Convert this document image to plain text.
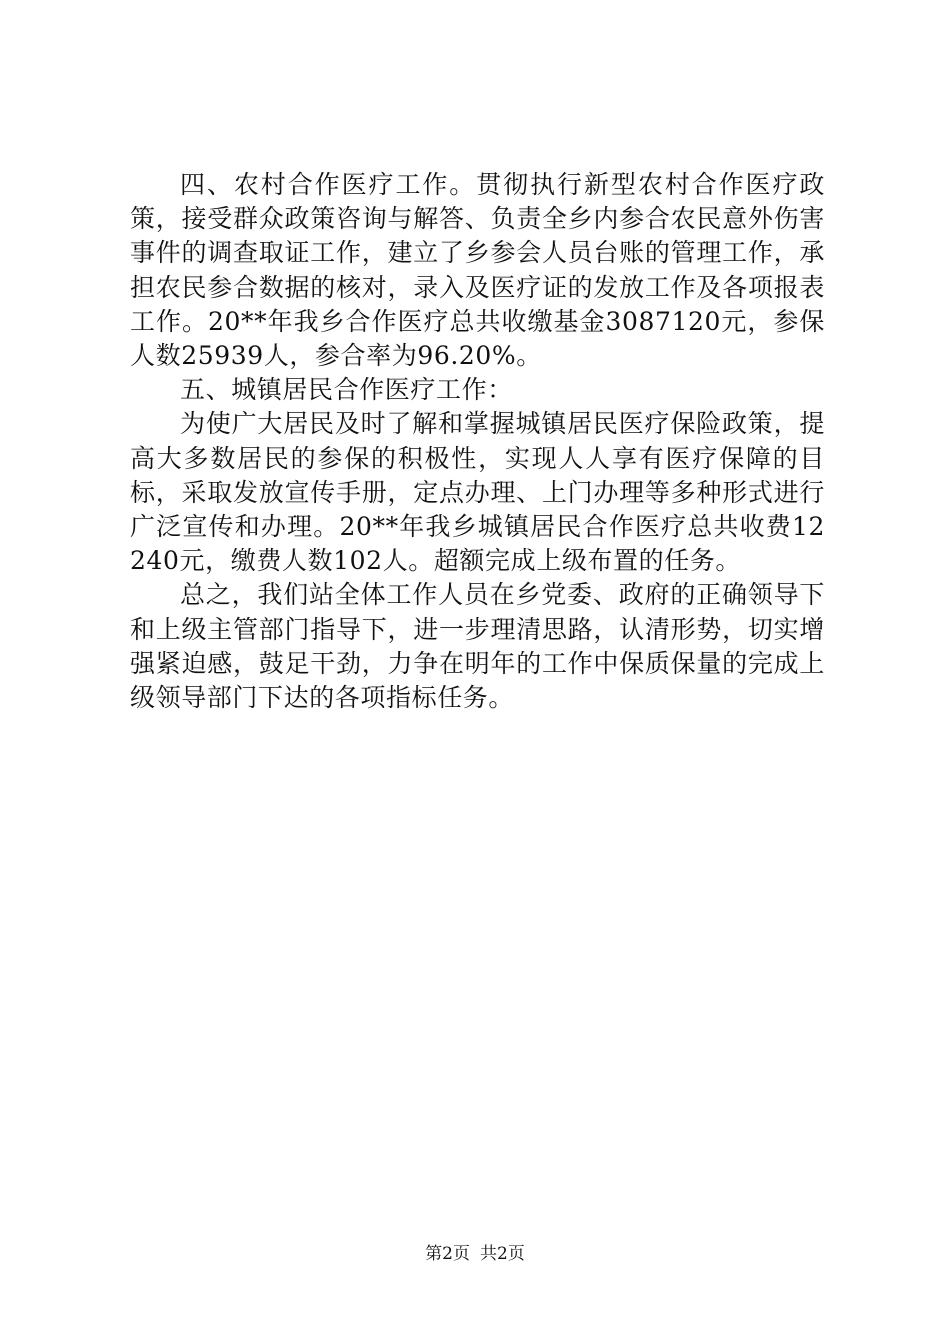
四、农村合作医疗工作。贯彻执行新型农村合作医疗政策，接受群众政策咨询与解答、负责全乡内参合农民意外伤害事件的调查取证工作，建立了乡参会人员台账的管理工作，承担农民参合数据的核对，录入及医疗证的发放工作及各项报表工作。20**年我乡合作医疗总共收缴基金3087120元，参保人数25939人，参合率为96.20%。

五、城镇居民合作医疗工作：

为使广大居民及时了解和掌握城镇居民医疗保险政策，提高大多数居民的参保的积极性，实现人人享有医疗保障的目标，采取发放宣传手册，定点办理、上门办理等多种形式进行广泛宣传和办理。20**年我乡城镇居民合作医疗总共收费12240元，缴费人数102人。超额完成上级布置的任务。

总之，我们站全体工作人员在乡党委、政府的正确领导下和上级主管部门指导下，进一步理清思路，认清形势，切实增强紧迫感，鼓足干劲，力争在明年的工作中保质保量的完成上级领导部门下达的各项指标任务。

第2页 共2页
